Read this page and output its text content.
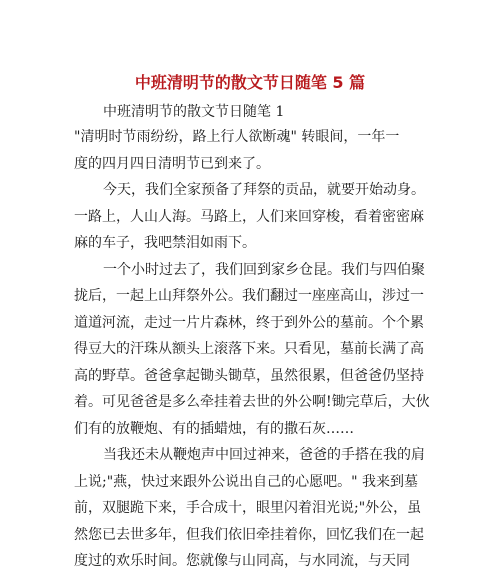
中班清明节的散文节日随笔 5 篇

中班清明节的散文节日随笔 1

"清明时节雨纷纷，路上行人欲断魂" 转眼间，一年一
度的四月四日清明节已到来了。

今天，我们全家预备了拜祭的贡品，就要开始动身。
一路上，人山人海。马路上，人们来回穿梭，看着密密麻
麻的车子，我吧禁泪如雨下。

一个小时过去了，我们回到家乡仓昆。我们与四伯聚
拢后，一起上山拜祭外公。我们翻过一座座高山，涉过一
道道河流，走过一片片森林，终于到外公的墓前。个个累
得豆大的汗珠从额头上滚落下来。只看见，墓前长满了高
高的野草。爸爸拿起锄头锄草，虽然很累，但爸爸仍坚持
着。可见爸爸是多么牵挂着去世的外公啊!锄完草后，大伙
们有的放鞭炮、有的插蜡烛，有的撒石灰……

当我还未从鞭炮声中回过神来，爸爸的手搭在我的肩
上说;"燕，快过来跟外公说出自己的心愿吧。" 我来到墓
前，双腿跪下来，手合成十，眼里闪着泪光说;"外公，虽
然您已去世多年，但我们依旧牵挂着你，回忆我们在一起
度过的欢乐时间。您就像与山同高，与水同流，与天同
